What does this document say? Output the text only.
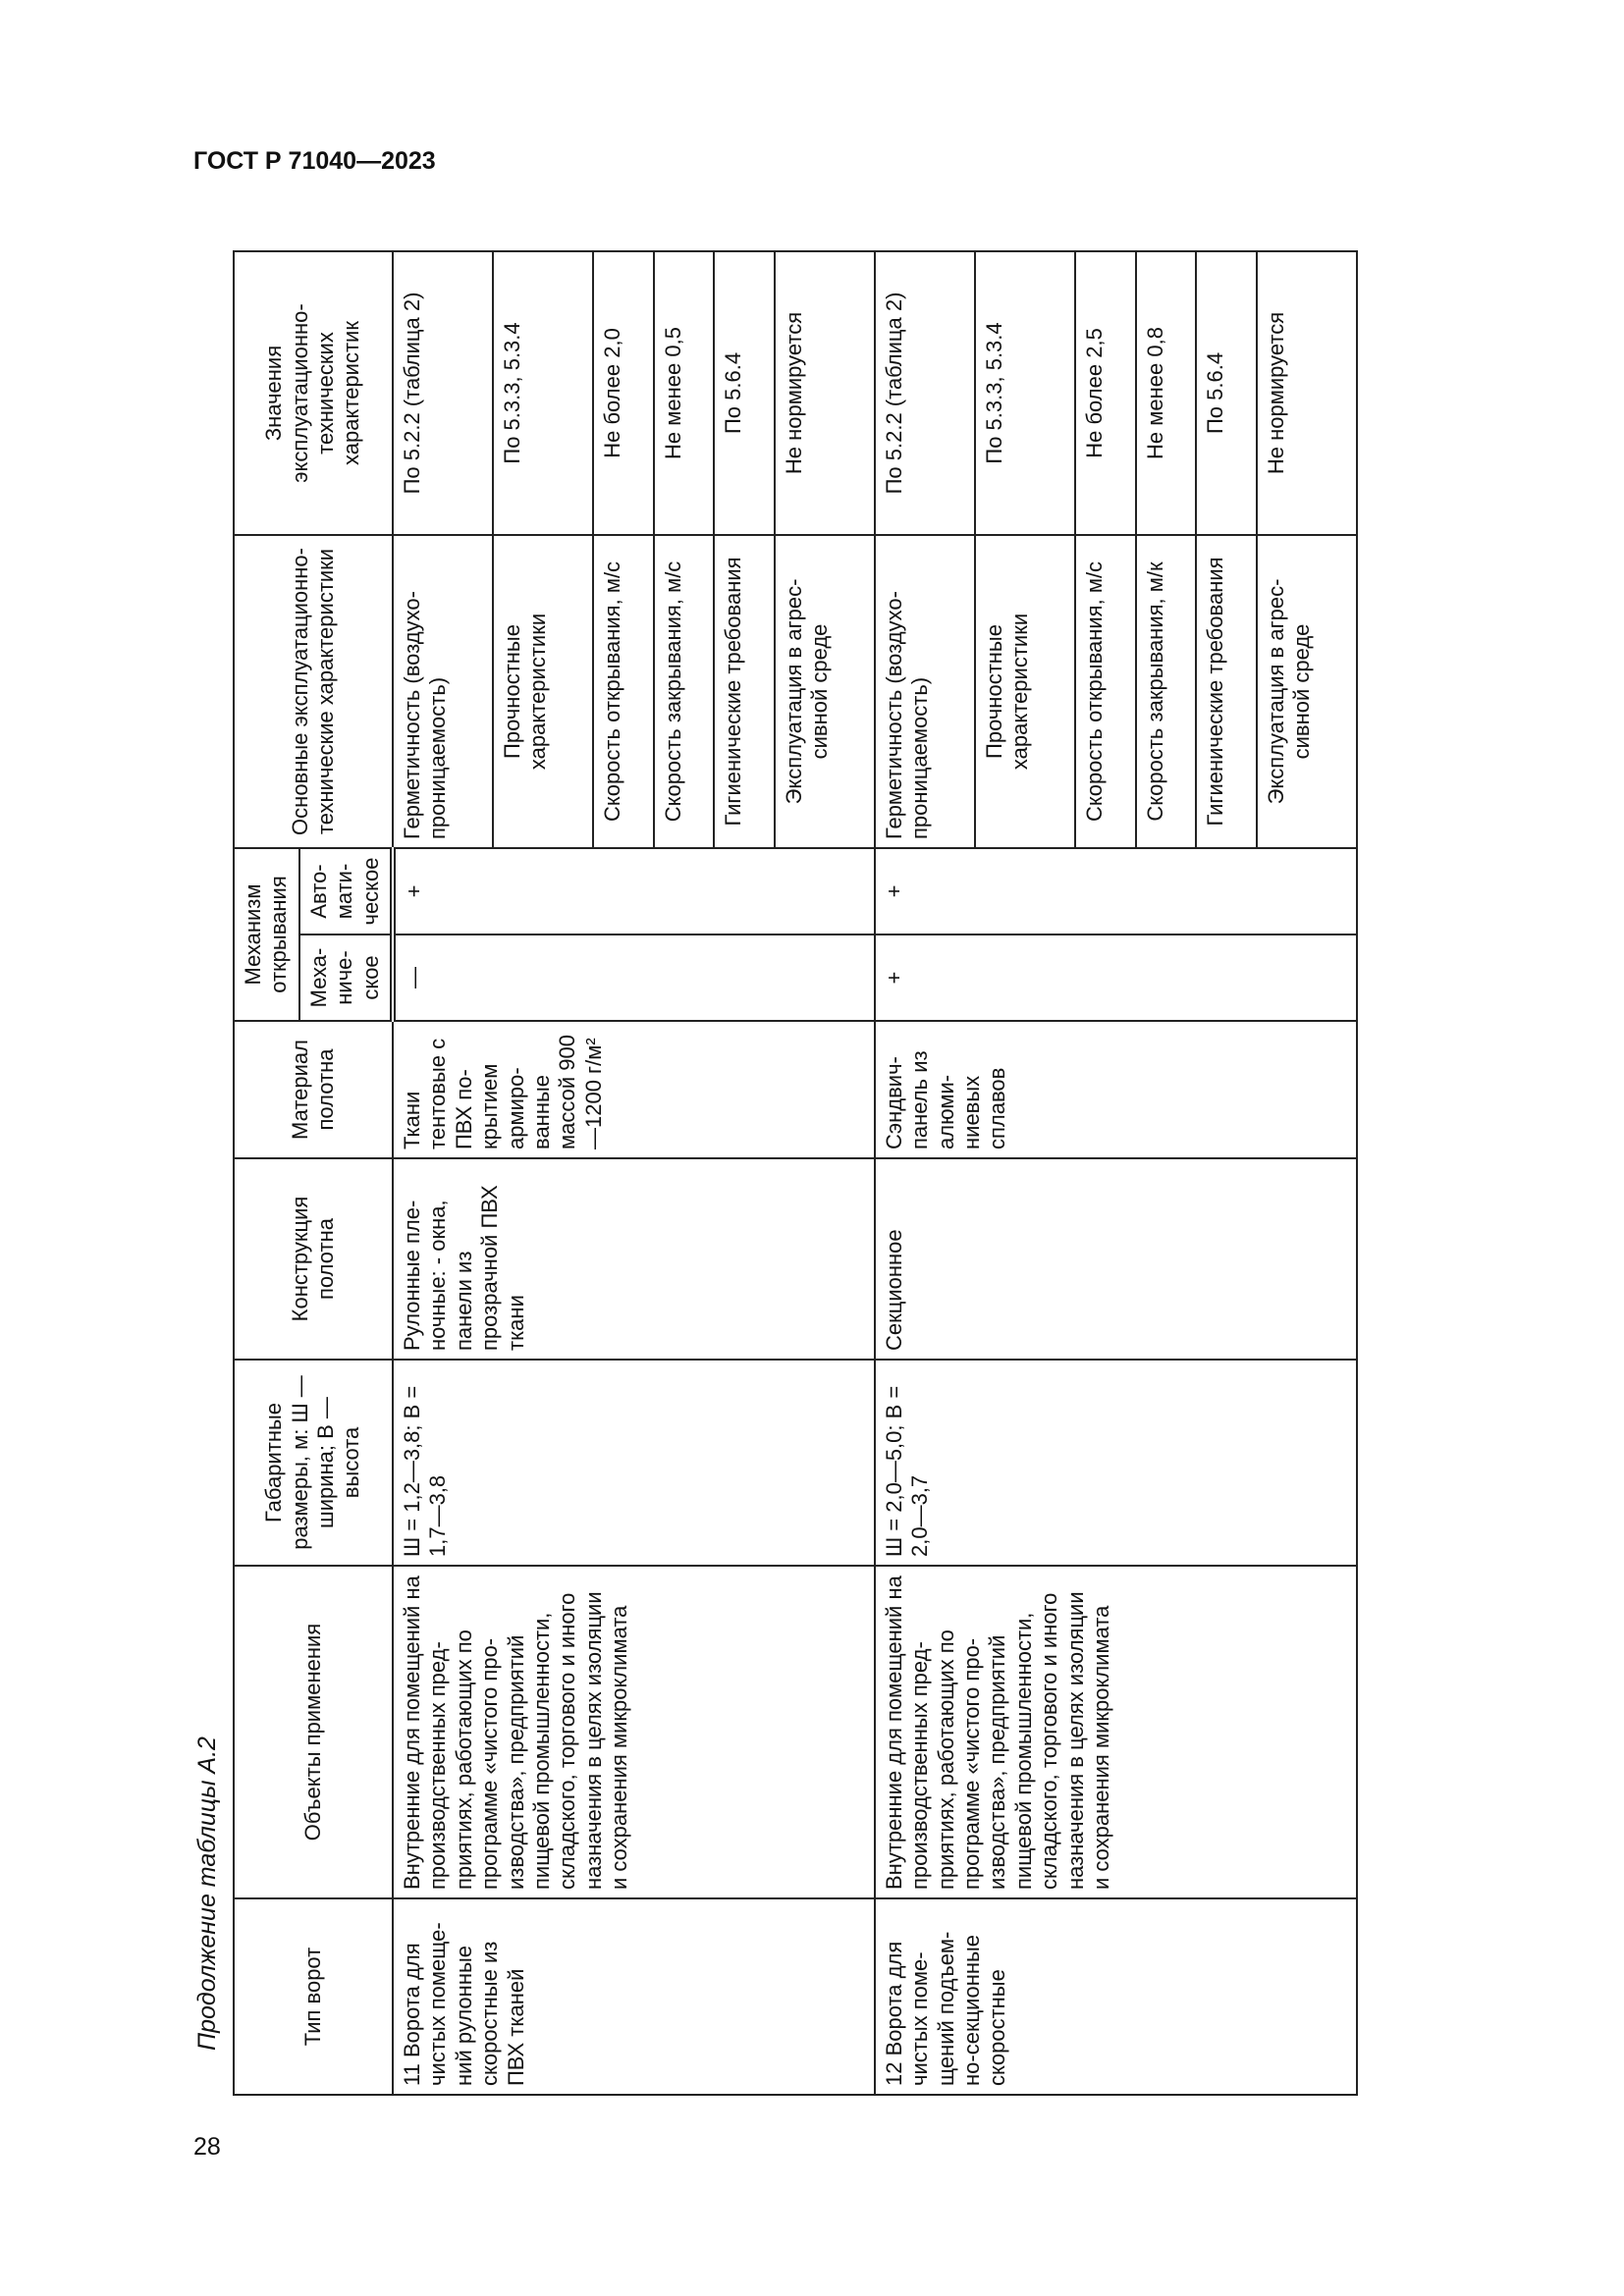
ГОСТ Р 71040—2023
Продолжение таблицы А.2
28
Тип ворот	Объекты применения	Габаритные размеры, м: Ш — ширина; В — высота	Конструкция полотна	Материал полотна	Механизм открывания		Основные эксплуатационно-технические характеристики	Значения эксплуатационно-технических характеристик
					Меха-ниче-ское	Авто-мати-ческое		
11 Ворота для чистых помеще-ний рулонные скоростные из ПВХ тканей	Внутренние для помещений на производственных пред-приятиях, работающих по программе «чистого про-изводства», предприятий пищевой промышленности, складского, торгового и иного назначения в целях изоляции и сохранения микроклимата	Ш = 1,2—3,8; В = 1,7—3,8	Рулонные пле-ночные: - окна, панели из прозрачной ПВХ ткани	Ткани тентовые с ПВХ по-крытием армиро-ванные массой 900—1200 г/м²	—	+	Герметичность (воздухо-проницаемость)	По 5.2.2 (таблица 2)
							Прочностные характеристики	По 5.3.3, 5.3.4
							Скорость открывания, м/с	Не более 2,0
							Скорость закрывания, м/с	Не менее 0,5
							Гигиенические требования	По 5.6.4
							Эксплуатация в агрес-сивной среде	Не нормируется
12 Ворота для чистых поме-щений подъем-но-секционные скоростные	Внутренние для помещений на производственных пред-приятиях, работающих по программе «чистого про-изводства», предприятий пищевой промышленности, складского, торгового и иного назначения в целях изоляции и сохранения микроклимата	Ш = 2,0—5,0; В = 2,0—3,7	Секционное	Сэндвич-панель из алюми-ниевых сплавов	+	+	Герметичность (воздухо-проницаемость)	По 5.2.2 (таблица 2)
							Прочностные характеристики	По 5.3.3, 5.3.4
							Скорость открывания, м/с	Не более 2,5
							Скорость закрывания, м/к	Не менее 0,8
							Гигиенические требования	По 5.6.4
							Эксплуатация в агрес-сивной среде	Не нормируется
